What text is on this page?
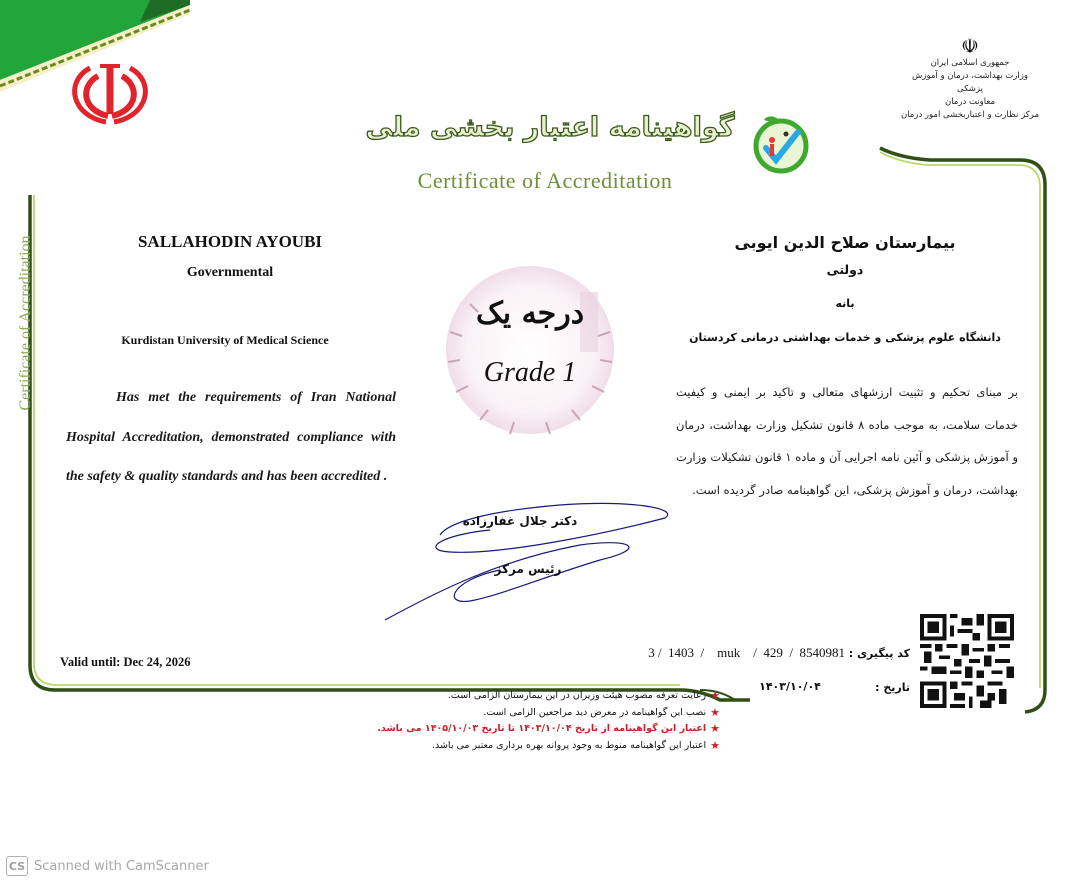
☫
جمهوری اسلامی ایران
وزارت بهداشت، درمان و آموزش پزشکی
معاونت درمان
مرکز نظارت و اعتباربخشی امور درمان
گواهینامه اعتبار بخشی ملی
Certificate of Accreditation
Certificate of Accreditation	SALLAHODIN AYOUBI
Governmental
Kurdistan University of Medical Science
Has met the requirements of Iran National Hospital Accreditation, demonstrated compliance with the safety & quality standards and has been accredited .
بیمارستان صلاح الدین ایوبی
دولتی
بانه
دانشگاه علوم پزشکی و خدمات بهداشتی درمانی کردستان
بر مبنای تحکیم و تثبیت ارزشهای متعالی و تاکید بر ایمنی و کیفیت خدمات سلامت، به موجب ماده ۸ قانون تشکیل وزارت بهداشت، درمان و آموزش پزشکی و آئین نامه اجرایی آن و ماده ۱ قانون تشکیلات وزارت بهداشت، درمان و آموزش پزشکی، این گواهینامه صادر گردیده است.
درجه یک
Grade 1
دکتر جلال غفارزاده
رئیس مرکز
Valid until: Dec 24, 2026
کد پیگیری :
3 /  1403  /    muk    /  429  /  8540981
تاریخ :
۱۴۰۳/۱۰/۰۴
★
رعایت تعرفه مصوب هیئت وزیران در این بیمارستان الزامی است.
★
نصب این گواهینامه در معرض دید مراجعین الزامی است.
★
اعتبار این گواهینامه از تاریخ ۱۴۰۳/۱۰/۰۴ تا تاریخ ۱۴۰۵/۱۰/۰۳ می باشد.
★
اعتبار این گواهینامه منوط به وجود پروانه بهره برداری معتبر می باشد.
CS Scanned with CamScanner
